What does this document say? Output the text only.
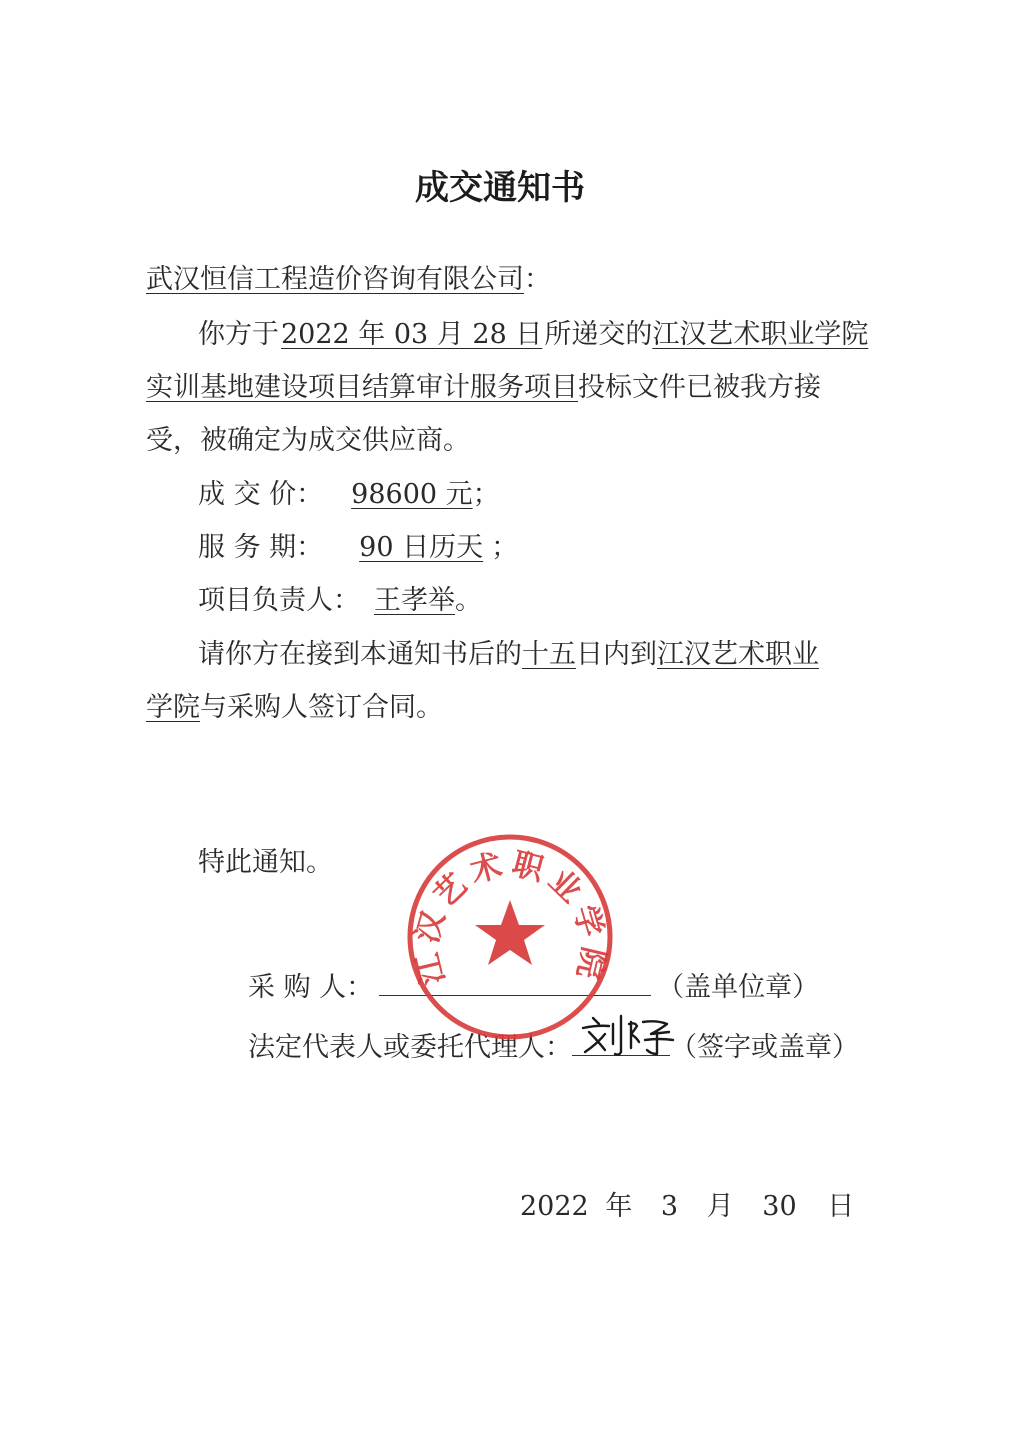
成交通知书
武汉恒信工程造价咨询有限公司：
你方于2022 年 03 月 28 日所递交的江汉艺术职业学院
实训基地建设项目结算审计服务项目投标文件已被我方接
受，被确定为成交供应商。
成 交 价： 98600 元；
服 务 期： 90 日历天 ；
项目负责人： 王孝举。
请你方在接到本通知书后的十五日内到江汉艺术职业
学院与采购人签订合同。
特此通知。
采 购 人：	（盖单位章）
法定代表人或委托代理人：	（签字或盖章）
2022 年 3 月 30 日
江汉艺术职业学院
